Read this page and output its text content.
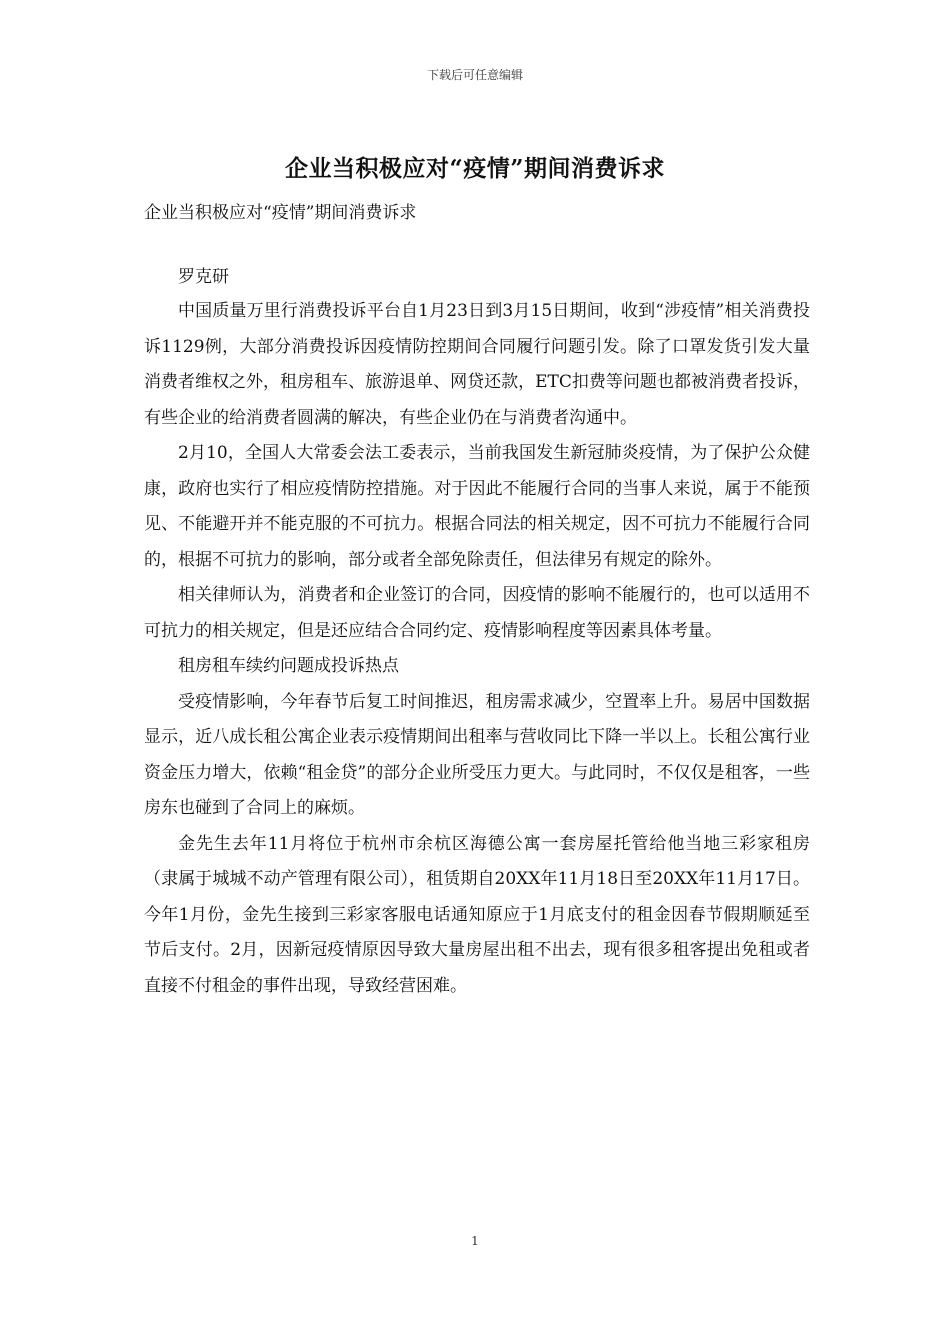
下载后可任意编辑
企业当积极应对“疫情”期间消费诉求

企业当积极应对“疫情”期间消费诉求

罗克研

中国质量万里行消费投诉平台自1月23日到3月15日期间，收到“涉疫情”相关消费投诉1129例，大部分消费投诉因疫情防控期间合同履行问题引发。除了口罩发货引发大量消费者维权之外，租房租车、旅游退单、网贷还款，ETC扣费等问题也都被消费者投诉，有些企业的给消费者圆满的解决，有些企业仍在与消费者沟通中。

2月10，全国人大常委会法工委表示，当前我国发生新冠肺炎疫情，为了保护公众健康，政府也实行了相应疫情防控措施。对于因此不能履行合同的当事人来说，属于不能预见、不能避开并不能克服的不可抗力。根据合同法的相关规定，因不可抗力不能履行合同的，根据不可抗力的影响，部分或者全部免除责任，但法律另有规定的除外。

相关律师认为，消费者和企业签订的合同，因疫情的影响不能履行的，也可以适用不可抗力的相关规定，但是还应结合合同约定、疫情影响程度等因素具体考量。

租房租车续约问题成投诉热点

受疫情影响，今年春节后复工时间推迟，租房需求减少，空置率上升。易居中国数据显示，近八成长租公寓企业表示疫情期间出租率与营收同比下降一半以上。长租公寓行业资金压力增大，依赖“租金贷”的部分企业所受压力更大。与此同时，不仅仅是租客，一些房东也碰到了合同上的麻烦。

金先生去年11月将位于杭州市余杭区海德公寓一套房屋托管给他当地三彩家租房（隶属于城城不动产管理有限公司），租赁期自20XX年11月18日至20XX年11月17日。今年1月份，金先生接到三彩家客服电话通知原应于1月底支付的租金因春节假期顺延至节后支付。2月，因新冠疫情原因导致大量房屋出租不出去，现有很多租客提出免租或者直接不付租金的事件出现，导致经营困难。

1
